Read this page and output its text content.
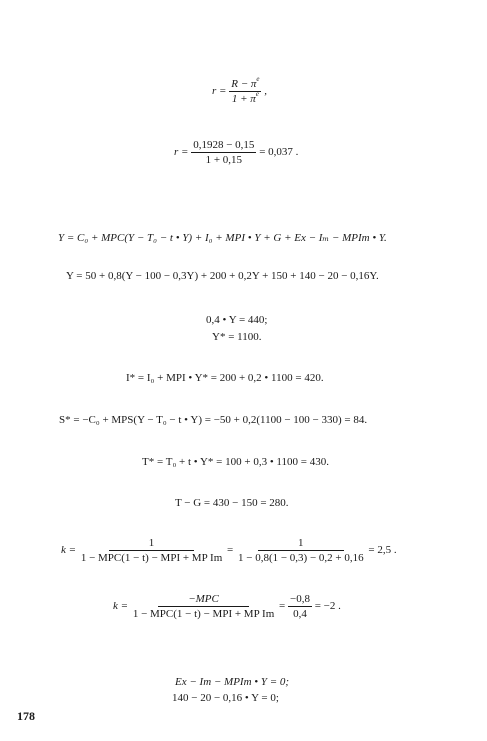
$r = \frac{R - \pi^e}{1 + \pi^e}$ ,
$r = \frac{0,1928 - 0,15}{1 + 0,15} = 0,037$ .
Y = C₀ + MPC(Y − T₀ − t • Y) + I₀ + MPI • Y + G + Ex − Iₘ − MPIm • Y.
Y = 50 + 0,8(Y − 100 − 0,3Y) + 200 + 0,2Y + 150 + 140 − 20 − 0,16Y.
0,4 • Y = 440;
Y* = 1100.
I* = I₀ + MPI • Y* = 200 + 0,2 • 1100 = 420.
S* = −C₀ + MPS(Y − T₀ − t • Y) = −50 + 0,2(1100 − 100 − 330) = 84.
T* = T₀ + t • Y* = 100 + 0,3 • 1100 = 430.
T − G = 430 − 150 = 280.
$k = \frac{1}{\text{1 − MPC(1 − t) − MPI + MP Im}} = \frac{1}{1 - 0,8(1 - 0,3) - 0,2 + 0,16} = 2,5$ .
$k = \frac{\text{−MPC}}{\text{1 − MPC(1 − t) − MPI + MP Im}} = \frac{-0,8}{0,4} = -2$ .
Ex − Im − MPIm • Y = 0;
140 − 20 − 0,16 • Y = 0;
178
